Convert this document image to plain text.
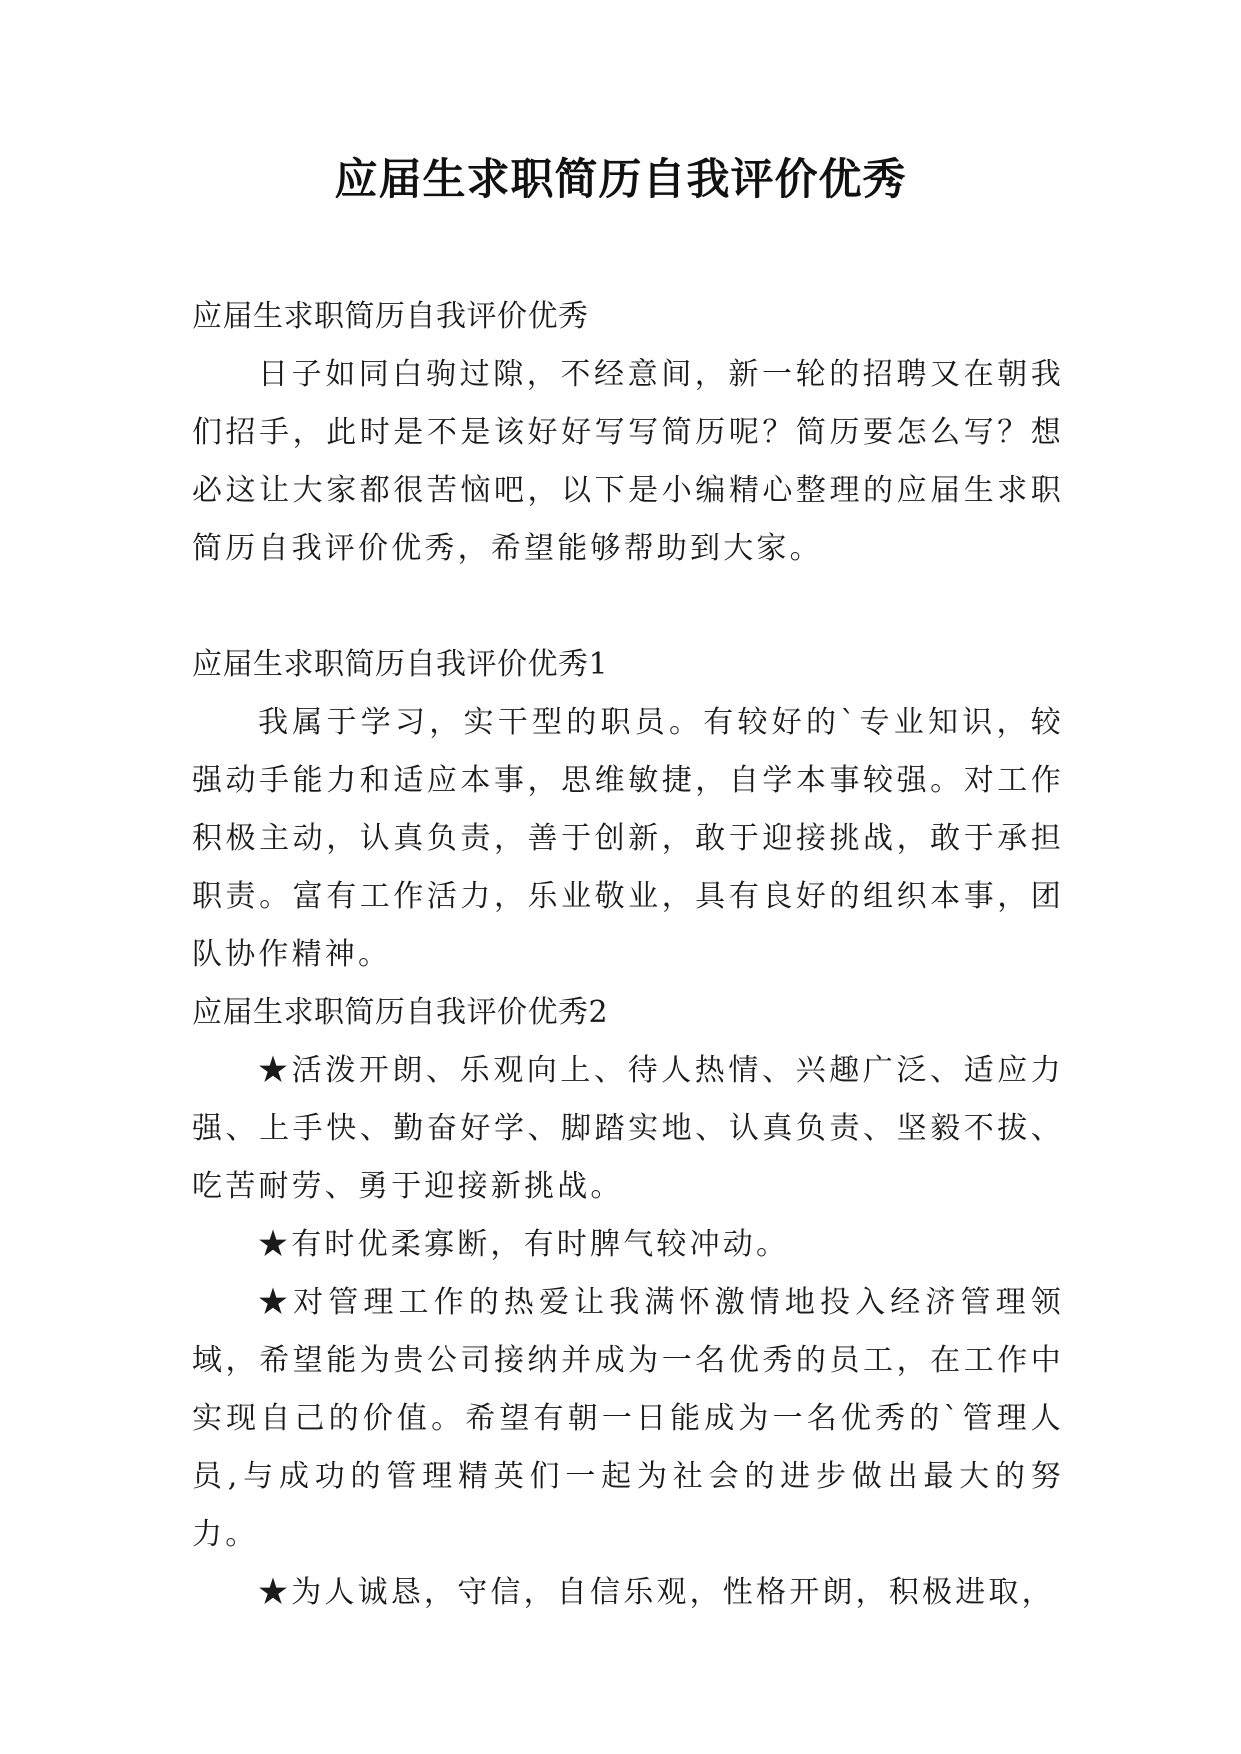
应届生求职简历自我评价优秀

应届生求职简历自我评价优秀

日子如同白驹过隙，不经意间，新一轮的招聘又在朝我们招手，此时是不是该好好写写简历呢？简历要怎么写？想必这让大家都很苦恼吧，以下是小编精心整理的应届生求职简历自我评价优秀，希望能够帮助到大家。

应届生求职简历自我评价优秀1

我属于学习，实干型的职员。有较好的`专业知识，较强动手能力和适应本事，思维敏捷，自学本事较强。对工作积极主动，认真负责，善于创新，敢于迎接挑战，敢于承担职责。富有工作活力，乐业敬业，具有良好的组织本事，团队协作精神。

应届生求职简历自我评价优秀2

★活泼开朗、乐观向上、待人热情、兴趣广泛、适应力强、上手快、勤奋好学、脚踏实地、认真负责、坚毅不拔、吃苦耐劳、勇于迎接新挑战。

★有时优柔寡断，有时脾气较冲动。

★对管理工作的热爱让我满怀激情地投入经济管理领域，希望能为贵公司接纳并成为一名优秀的员工，在工作中实现自己的价值。希望有朝一日能成为一名优秀的`管理人员,与成功的管理精英们一起为社会的进步做出最大的努力。

★为人诚恳，守信，自信乐观，性格开朗，积极进取，
